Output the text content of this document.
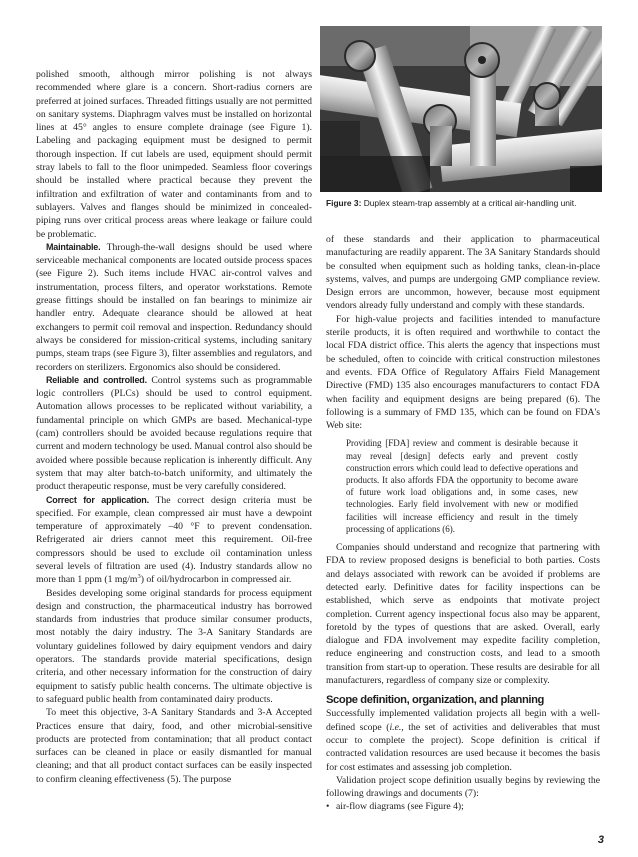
Figure 3: Duplex steam-trap assembly at a critical air-handling unit.

polished smooth, although mirror polishing is not always recommended where glare is a concern. Short-radius corners are preferred at joined surfaces. Threaded fittings usually are not permitted on sanitary systems. Diaphragm valves must be installed on horizontal lines at 45° angles to ensure complete drainage (see Figure 1). Labeling and packaging equipment must be designed to permit thorough inspection. If cut labels are used, equipment should permit stray labels to fall to the floor unimpeded. Seamless floor coverings should be installed where practical because they prevent the infiltration and exfiltration of water and contaminants from and to sublayers. Valves and flanges should be minimized in concealed-piping runs over critical process areas where leakage or failure could be problematic.

Maintainable. Through-the-wall designs should be used where serviceable mechanical components are located outside process spaces (see Figure 2). Such items include HVAC air-control valves and instrumentation, process filters, and operator workstations. Remote grease fittings should be installed on fan bearings to minimize air handler entry. Adequate clearance should be allowed at heat exchangers to permit coil removal and inspection. Redundancy should always be considered for mission-critical systems, including sanitary pumps, steam traps (see Figure 3), filter assemblies and regulators, and recorders on sterilizers. Ergonomics also should be considered.

Reliable and controlled. Control systems such as programmable logic controllers (PLCs) should be used to control equipment. Automation allows processes to be replicated without variability, a fundamental principle on which GMPs are based. Mechanical-type (cam) controllers should be avoided because regulations require that current and modern technology be used. Manual control also should be avoided where possible because replication is inherently difficult. Any system that may alter batch-to-batch uniformity, and ultimately the product therapeutic response, must be very carefully considered.

Correct for application. The correct design criteria must be specified. For example, clean compressed air must have a dewpoint temperature of approximately –40 °F to prevent condensation. Refrigerated air driers cannot meet this requirement. Oil-free compressors should be used to exclude oil contamination unless several levels of filtration are used (4). Industry standards allow no more than 1 ppm (1 $mg/m^3$) of oil/hydrocarbon in compressed air.

Besides developing some original standards for process equipment design and construction, the pharmaceutical industry has borrowed standards from industries that produce similar consumer products, most notably the dairy industry. The 3-A Sanitary Standards are voluntary guidelines followed by dairy equipment vendors and dairy operators. The standards provide material specifications, design criteria, and other necessary information for the construction of dairy equipment to satisfy public health concerns. The ultimate objective is to safeguard public health from contaminated dairy products.

To meet this objective, 3-A Sanitary Standards and 3-A Accepted Practices ensure that dairy, food, and other microbial-sensitive products are protected from contamination; that all product contact surfaces can be cleaned in place or easily dismantled for manual cleaning; and that all product contact surfaces can be easily inspected to confirm cleaning effectiveness (5). The purpose

of these standards and their application to pharmaceutical manufacturing are readily apparent. The 3A Sanitary Standards should be consulted when equipment such as holding tanks, clean-in-place systems, valves, and pumps are undergoing GMP compliance review. Design errors are uncommon, however, because most equipment vendors already fully understand and comply with these standards.

For high-value projects and facilities intended to manufacture sterile products, it is often required and worthwhile to contact the local FDA district office. This alerts the agency that inspections must be scheduled, often to coincide with critical construction milestones and events. FDA Office of Regulatory Affairs Field Management Directive (FMD) 135 also encourages manufacturers to contact FDA when facility and equipment designs are being prepared (6). The following is a summary of FMD 135, which can be found on FDA's Web site:

Providing [FDA] review and comment is desirable because it may reveal [design] defects early and prevent costly construction errors which could lead to defective operations and products. It also affords FDA the opportunity to become aware of future work load obligations and, in some cases, new technologies. Early field involvement with new or modified facilities will increase efficiency and result in the timely processing of applications (6).

Companies should understand and recognize that partnering with FDA to review proposed designs is beneficial to both parties. Costs and delays associated with rework can be avoided if problems are detected early. Definitive dates for facility inspections can be established, which serve as endpoints that motivate project completion. Current agency inspectional focus also may be apparent, foretold by the types of questions that are asked. Overall, early dialogue and FDA involvement may expedite facility completion, reduce engineering and construction costs, and lead to a smooth transition from start-up to operation. These results are desirable for all manufacturers, regardless of company size or complexity.

Scope definition, organization, and planning

Successfully implemented validation projects all begin with a well-defined scope (i.e., the set of activities and deliverables that must occur to complete the project). Scope definition is critical if contracted validation resources are used because it becomes the basis for cost estimates and assessing job completion.

Validation project scope definition usually begins by reviewing the following drawings and documents (7):

• air-flow diagrams (see Figure 4);

3
